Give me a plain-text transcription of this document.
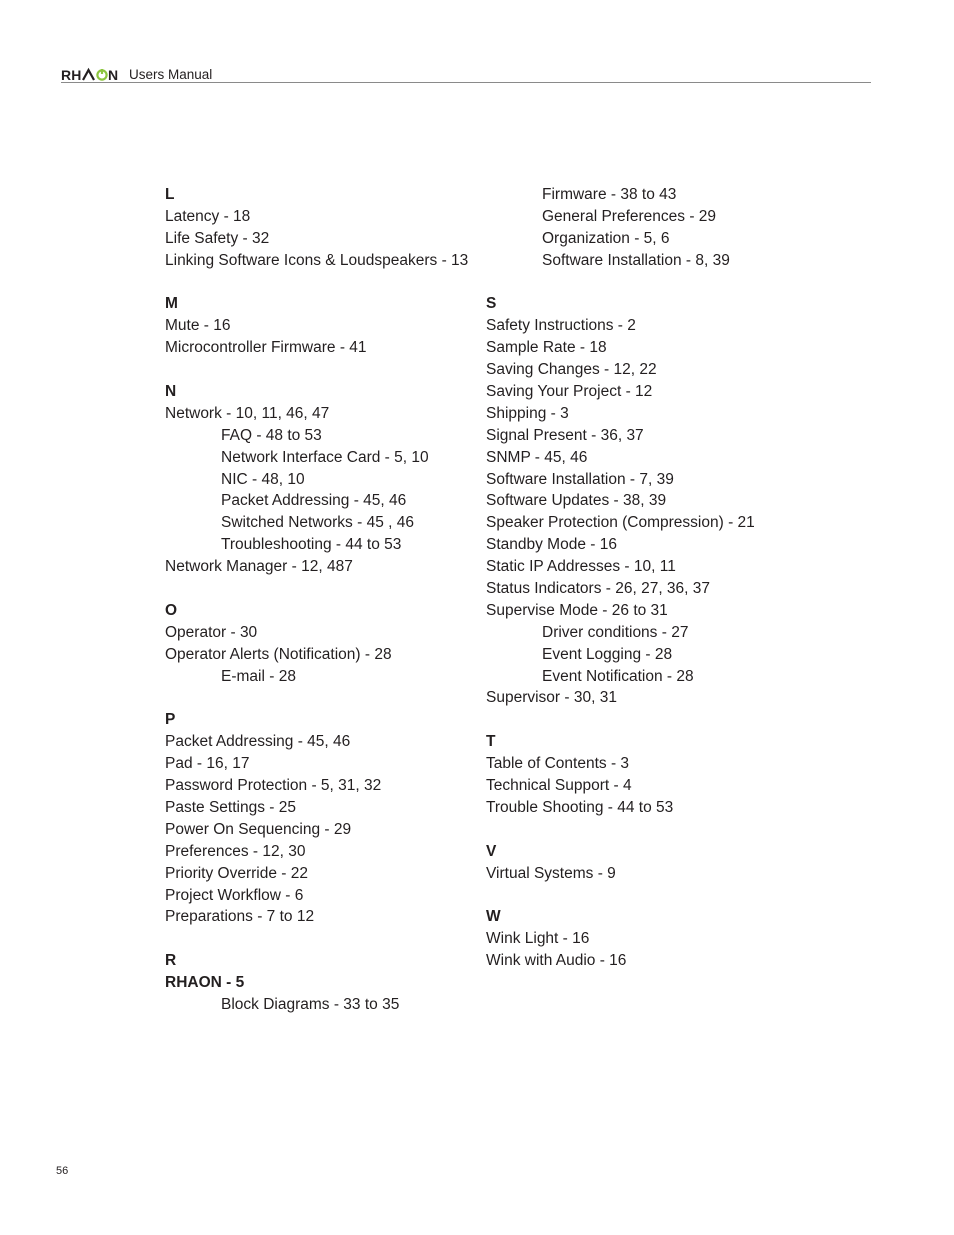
RH N Users Manual
L
Latency - 18
Life Safety - 32
Linking Software Icons & Loudspeakers - 13
M
Mute - 16
Microcontroller Firmware - 41
N
Network - 10, 11, 46, 47
FAQ - 48 to 53
Network Interface Card - 5, 10
NIC - 48, 10
Packet Addressing - 45, 46
Switched Networks - 45 , 46
Troubleshooting - 44 to 53
Network Manager - 12, 487
O
Operator - 30
Operator Alerts (Notification) - 28
E-mail - 28
P
Packet Addressing - 45, 46
Pad - 16, 17
Password Protection - 5, 31, 32
Paste Settings - 25
Power On Sequencing - 29
Preferences - 12, 30
Priority Override - 22
Project Workflow - 6
Preparations - 7 to 12
R
RHAON - 5
Block Diagrams - 33 to 35
Firmware - 38 to 43
General Preferences - 29
Organization - 5, 6
Software Installation - 8, 39
S
Safety Instructions - 2
Sample Rate - 18
Saving Changes - 12, 22
Saving Your Project - 12
Shipping - 3
Signal Present - 36, 37
SNMP - 45, 46
Software Installation - 7, 39
Software Updates - 38, 39
Speaker Protection (Compression) - 21
Standby Mode - 16
Static IP Addresses - 10, 11
Status Indicators - 26, 27, 36, 37
Supervise Mode - 26 to 31
Driver conditions - 27
Event Logging - 28
Event Notification - 28
Supervisor - 30, 31
T
Table of Contents - 3
Technical Support - 4
Trouble Shooting - 44 to 53
V
Virtual Systems - 9
W
Wink Light - 16
Wink with Audio - 16
56
